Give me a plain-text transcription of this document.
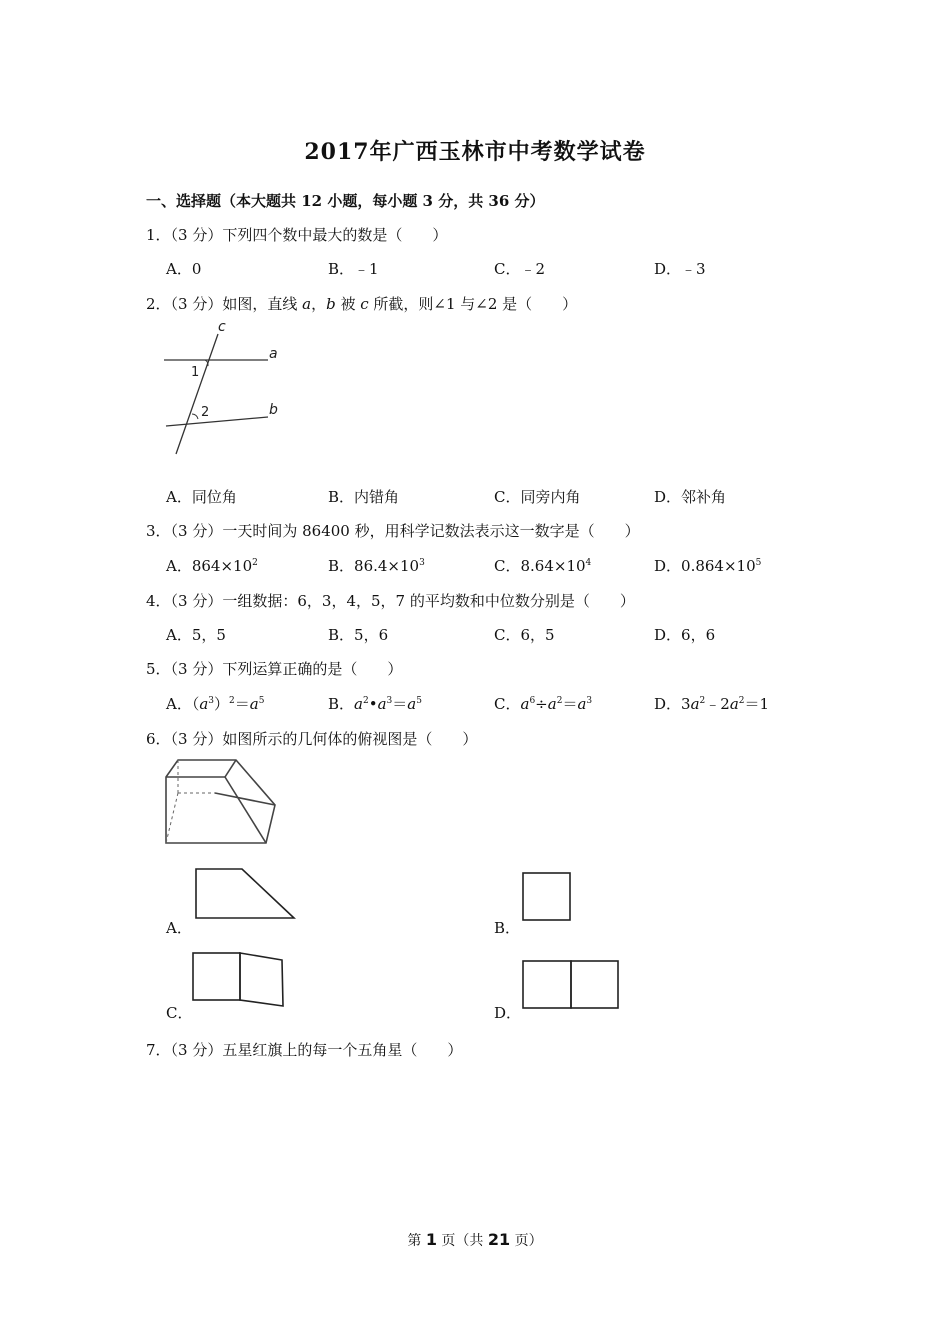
2017年广西玉林市中考数学试卷
一、选择题（本大题共 12 小题，每小题 3 分，共 36 分）
1．（3 分）下列四个数中最大的数是（　　）
A．0	B．﹣1	C．﹣2	D．﹣3
2．（3 分）如图，直线 a，b 被 c 所截，则∠1 与∠2 是（　　）
c
a
b
1
2
A．同位角	B．内错角	C．同旁内角	D．邻补角
3．（3 分）一天时间为 86400 秒，用科学记数法表示这一数字是（　　）
A．$864\times 10^2$	B．$86.4\times 10^3$	C．$8.64\times 10^4$	D．$0.864\times 10^5$
4．（3 分）一组数据：6，3，4，5，7 的平均数和中位数分别是（　　）
A．5，5	B．5，6	C．6，5	D．6，6
5．（3 分）下列运算正确的是（　　）
A．$(a^3)^2=a^5$	B．$a^2•a^3=a^5$	C．$a^6\div a^2=a^3$	D．$3a^2﹣2a^2=1$
6．（3 分）如图所示的几何体的俯视图是（　　）
A．	B．
C．	D．
7．（3 分）五星红旗上的每一个五角星（　　）
第 1 页（共 21 页）
